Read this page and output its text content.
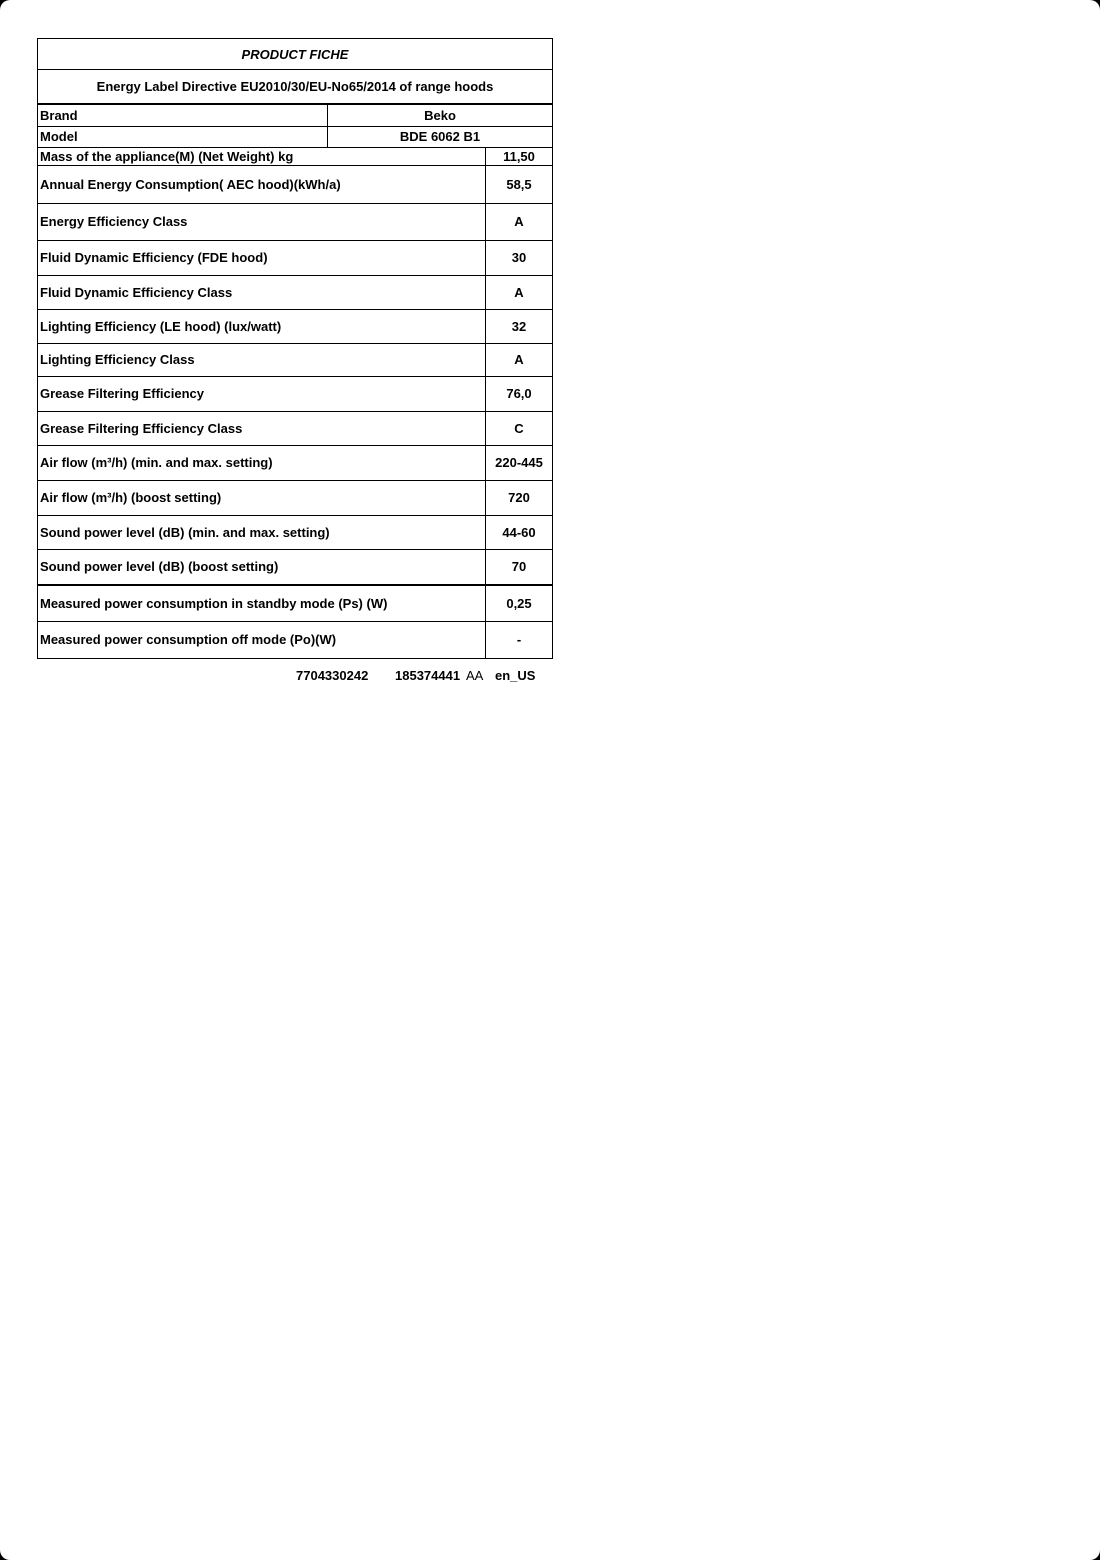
PRODUCT FICHE		
Energy Label Directive EU2010/30/EU-No65/2014 of range hoods		
Brand	Beko	
Model	BDE 6062 B1	
Mass of the appliance(M) (Net Weight) kg		11,50
Annual Energy Consumption( AEC hood)(kWh/a)		58,5
Energy Efficiency Class		A
Fluid Dynamic Efficiency (FDE hood)		30
Fluid Dynamic Efficiency Class		A
Lighting Efficiency (LE hood) (lux/watt)		32
Lighting Efficiency Class		A
Grease Filtering Efficiency		76,0
Grease Filtering Efficiency Class		C
Air flow (m³/h) (min. and max. setting)		220-445
Air flow (m³/h) (boost setting)		720
Sound power level (dB) (min. and max. setting)		44-60
Sound power level (dB) (boost setting)		70
Measured power consumption in standby mode (Ps) (W)		0,25
Measured power consumption off mode (Po)(W)		-
7704330242 185374441 AA en_US
